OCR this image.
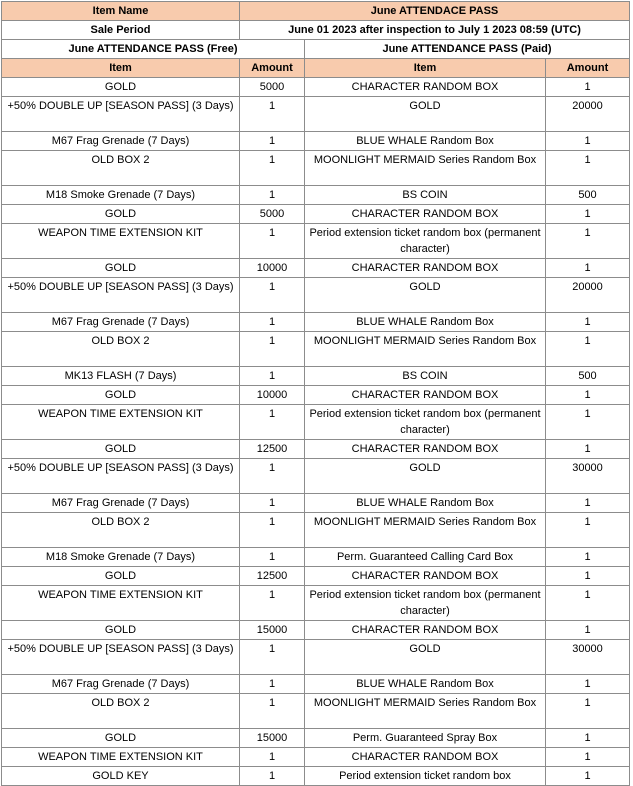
Item Name	June ATTENDACE PASS		
Sale Period	June 01 2023 after inspection to July 1 2023 08:59 (UTC)		
June ATTENDANCE PASS (Free)		June ATTENDANCE PASS (Paid)	
Item	Amount	Item	Amount
GOLD	5000	CHARACTER RANDOM BOX	1
+50% DOUBLE UP [SEASON PASS] (3 Days)	1	GOLD	20000
M67 Frag Grenade (7 Days)	1	BLUE WHALE Random Box	1
OLD BOX 2	1	MOONLIGHT MERMAID Series Random Box	1
M18 Smoke Grenade (7 Days)	1	BS COIN	500
GOLD	5000	CHARACTER RANDOM BOX	1
WEAPON TIME EXTENSION KIT	1	Period extension ticket random box (permanent character)	1
GOLD	10000	CHARACTER RANDOM BOX	1
+50% DOUBLE UP [SEASON PASS] (3 Days)	1	GOLD	20000
M67 Frag Grenade (7 Days)	1	BLUE WHALE Random Box	1
OLD BOX 2	1	MOONLIGHT MERMAID Series Random Box	1
MK13 FLASH (7 Days)	1	BS COIN	500
GOLD	10000	CHARACTER RANDOM BOX	1
WEAPON TIME EXTENSION KIT	1	Period extension ticket random box (permanent character)	1
GOLD	12500	CHARACTER RANDOM BOX	1
+50% DOUBLE UP [SEASON PASS] (3 Days)	1	GOLD	30000
M67 Frag Grenade (7 Days)	1	BLUE WHALE Random Box	1
OLD BOX 2	1	MOONLIGHT MERMAID Series Random Box	1
M18 Smoke Grenade (7 Days)	1	Perm. Guaranteed Calling Card Box	1
GOLD	12500	CHARACTER RANDOM BOX	1
WEAPON TIME EXTENSION KIT	1	Period extension ticket random box (permanent character)	1
GOLD	15000	CHARACTER RANDOM BOX	1
+50% DOUBLE UP [SEASON PASS] (3 Days)	1	GOLD	30000
M67 Frag Grenade (7 Days)	1	BLUE WHALE Random Box	1
OLD BOX 2	1	MOONLIGHT MERMAID Series Random Box	1
GOLD	15000	Perm. Guaranteed Spray Box	1
WEAPON TIME EXTENSION KIT	1	CHARACTER RANDOM BOX	1
GOLD KEY	1	Period extension ticket random box	1
